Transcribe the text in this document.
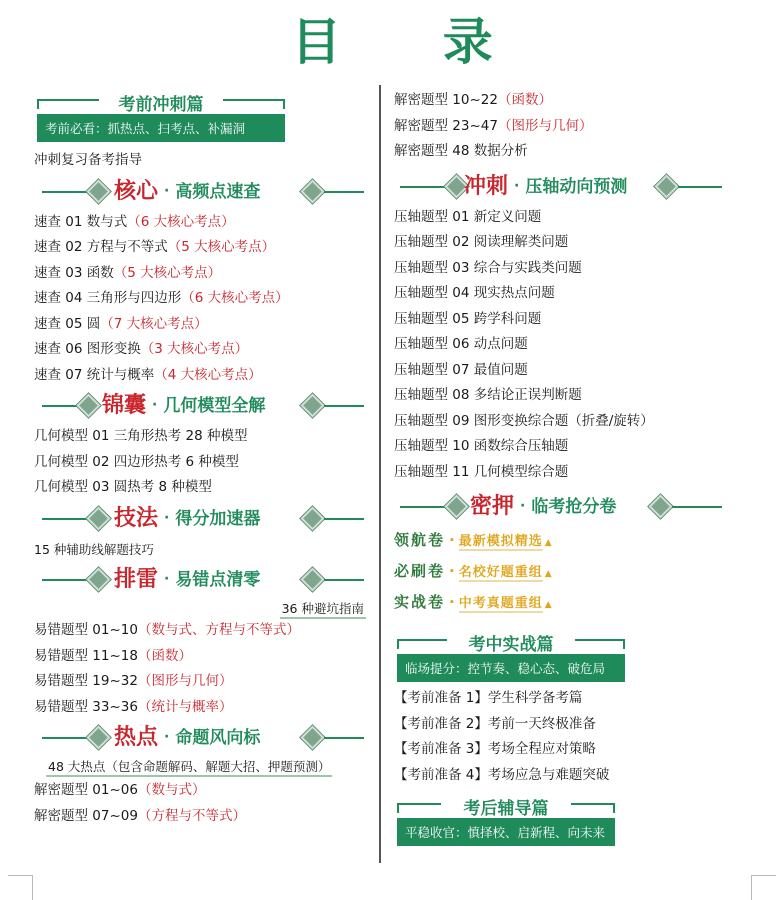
目 录
考前冲刺篇
考前必看：抓热点、扫考点、补漏洞
冲刺复习备考指导
核心 · 高频点速查
速查 01 数与式（6 大核心考点）
速查 02 方程与不等式（5 大核心考点）
速查 03 函数（5 大核心考点）
速查 04 三角形与四边形（6 大核心考点）
速查 05 圆（7 大核心考点）
速查 06 图形变换（3 大核心考点）
速查 07 统计与概率（4 大核心考点）
锦囊 · 几何模型全解
几何模型 01 三角形热考 28 种模型
几何模型 02 四边形热考 6 种模型
几何模型 03 圆热考 8 种模型
技法 · 得分加速器
15 种辅助线解题技巧
排雷 · 易错点清零
36 种避坑指南
易错题型 01~10（数与式、方程与不等式）
易错题型 11~18（函数）
易错题型 19~32（图形与几何）
易错题型 33~36（统计与概率）
热点 · 命题风向标
48 大热点（包含命题解码、解题大招、押题预测）
解密题型 01~06（数与式）
解密题型 07~09（方程与不等式）
解密题型 10~22（函数）
解密题型 23~47（图形与几何）
解密题型 48 数据分析
冲刺 · 压轴动向预测
压轴题型 01 新定义问题
压轴题型 02 阅读理解类问题
压轴题型 03 综合与实践类问题
压轴题型 04 现实热点问题
压轴题型 05 跨学科问题
压轴题型 06 动点问题
压轴题型 07 最值问题
压轴题型 08 多结论正误判断题
压轴题型 09 图形变换综合题（折叠/旋转）
压轴题型 10 函数综合压轴题
压轴题型 11 几何模型综合题
密押 · 临考抢分卷
领航卷 · 最新模拟精选 ▲
必刷卷 · 名校好题重组 ▲
实战卷 · 中考真题重组 ▲
考中实战篇
临场提分：控节奏、稳心态、破危局
【考前准备 1】学生科学备考篇
【考前准备 2】考前一天终极准备
【考前准备 3】考场全程应对策略
【考前准备 4】考场应急与难题突破
考后辅导篇
平稳收官：慎择校、启新程、向未来
